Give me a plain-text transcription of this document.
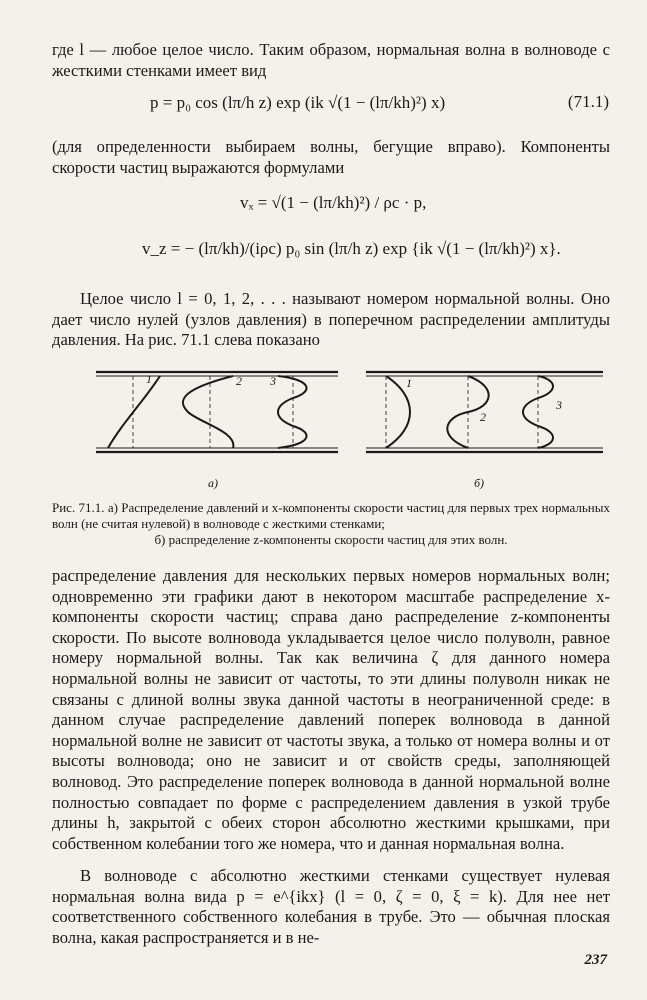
где l — любое целое число. Таким образом, нормальная волна в волноводе с жесткими стенками имеет вид

p = p₀ cos (lπ/h z) exp (ik √(1 − (lπ/kh)²) x)	(71.1)

(для определенности выбираем волны, бегущие вправо). Компоненты скорости частиц выражаются формулами

vₓ = √(1 − (lπ/kh)²) / ρc · p,
v_z = − (lπ/kh)/(iρc) p₀ sin (lπ/h z) exp {ik √(1 − (lπ/kh)²) x}.

Целое число l = 0, 1, 2, . . . называют номером нормальной волны. Оно дает число нулей (узлов давления) в поперечном распределении амплитуды давления. На рис. 71.1 слева показано

1	2 3	1
2
3
а)	б)

Рис. 71.1. а) Распределение давлений и x-компоненты скорости частиц для первых трех нормальных волн (не считая нулевой) в волноводе с жесткими стенками;
б) распределение z-компоненты скорости частиц для этих волн.

распределение давления для нескольких первых номеров нормальных волн; одновременно эти графики дают в некотором масштабе распределение x-компоненты скорости частиц; справа дано распределение z-компоненты скорости. По высоте волновода укладывается целое число полуволн, равное номеру нормальной волны. Так как величина ζ для данного номера нормальной волны не зависит от частоты, то эти длины полуволн никак не связаны с длиной волны звука данной частоты в неограниченной среде: в данном случае распределение давлений поперек волновода в данной нормальной волне не зависит от частоты звука, а только от номера волны и от высоты волновода; оно не зависит и от свойств среды, заполняющей волновод. Это распределение поперек волновода в данной нормальной волне полностью совпадает по форме с распределением давления в узкой трубе длины h, закрытой с обеих сторон абсолютно жесткими крышками, при собственном колебании того же номера, что и данная нормальная волна.

В волноводе с абсолютно жесткими стенками существует нулевая нормальная волна вида p = e^{ikx} (l = 0, ζ = 0, ξ = k). Для нее нет соответственного собственного колебания в трубе. Это — обычная плоская волна, какая распространяется и в не-

237
